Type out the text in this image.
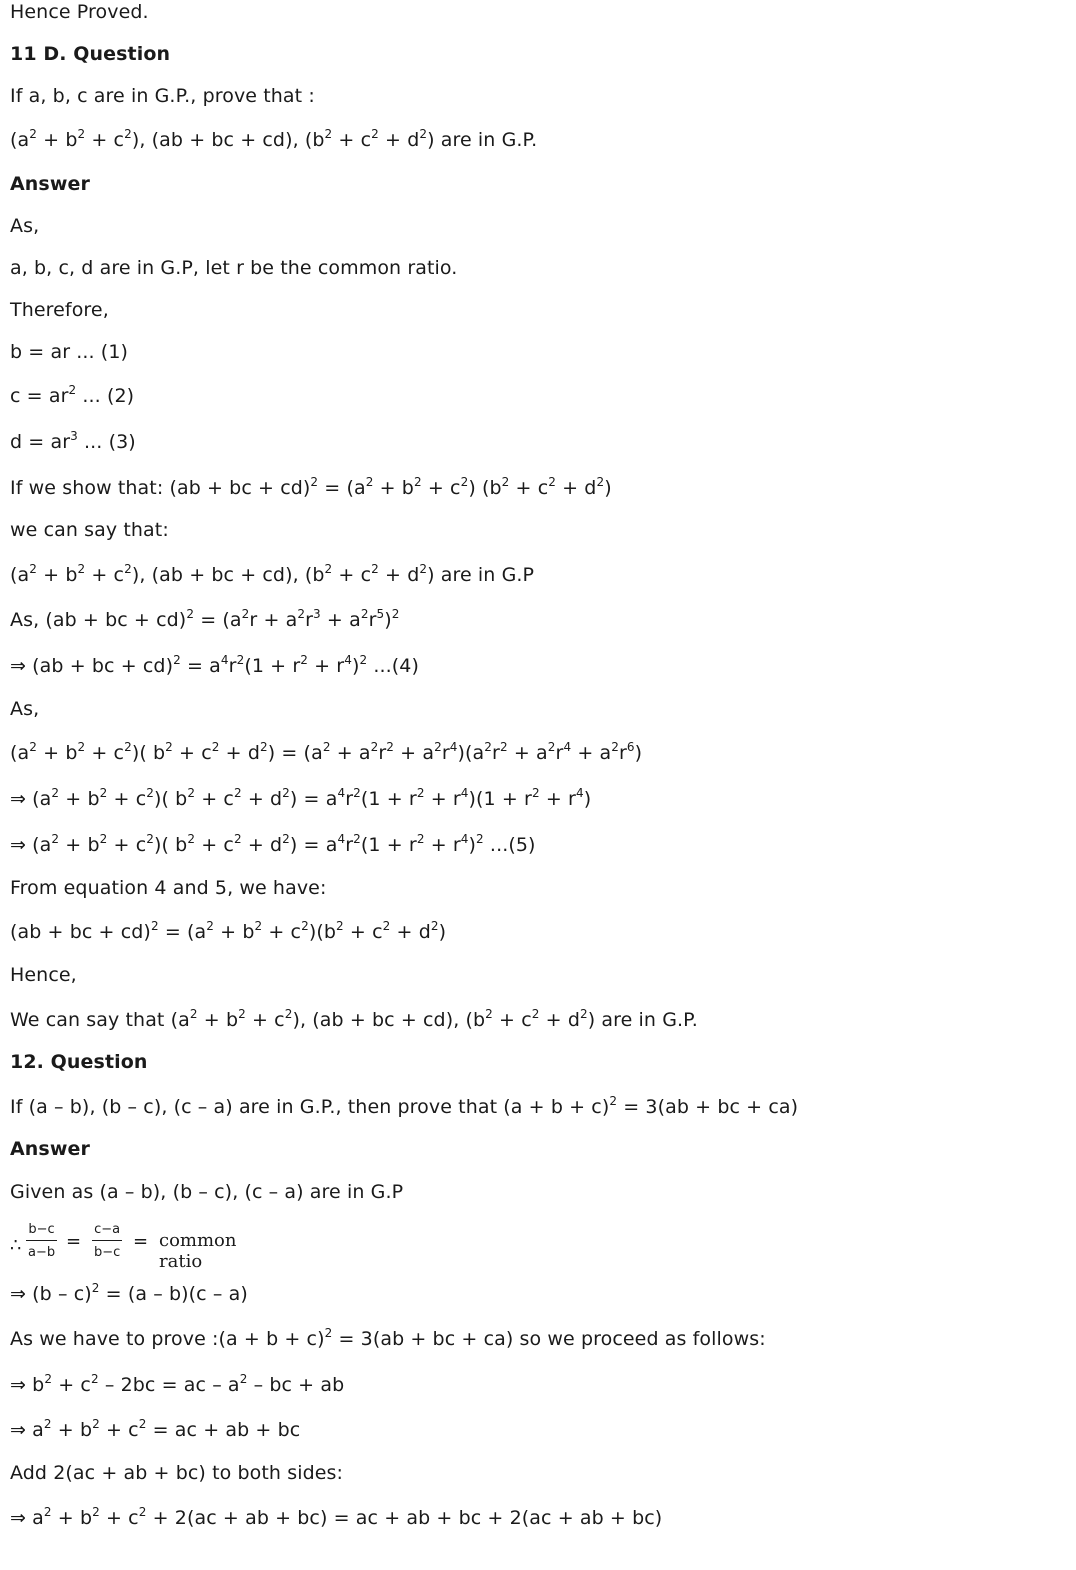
Hence Proved.
11 D. Question
If a, b, c are in G.P., prove that :
$(a^2 + b^2 + c^2)$, (ab + bc + cd), $(b^2 + c^2 + d^2)$ are in G.P.
Answer
As,
a, b, c, d are in G.P, let r be the common ratio.
Therefore,
b = ar ... (1)
$c = ar^2$ ... (2)
$d = ar^3$ ... (3)
If we show that: (ab + bc + $cd)^2 = (a^2 + b^2 + c^2) (b^2 + c^2 + d^2)$
we can say that:
$(a^2 + b^2 + c^2)$, (ab + bc + cd), $(b^2 + c^2 + d^2)$ are in G.P
As, (ab + bc + $cd)^2 = (a^2r + a^2r^3 + a^2r^5)^2$
⇒ (ab + bc + $cd)^2 = a^4r^2(1 + r^2 + r^4)^2$ ...(4)
As,
$(a^2 + b^2 + c^2)$( $b^2 + c^2 + d^2) = (a^2 + a^2r^2 + a^2r^4)(a^2r^2 + a^2r^4 + a^2r^6)$
⇒ $(a^2 + b^2 + c^2)$( $b^2 + c^2 + d^2) = a^4r^2(1 + r^2 + r^4)(1 + r^2 + r^4)$
⇒ $(a^2 + b^2 + c^2)$( $b^2 + c^2 + d^2) = a^4r^2(1 + r^2 + r^4)^2$ ...(5)
From equation 4 and 5, we have:
(ab + bc + $cd)^2 = (a^2 + b^2 + c^2)(b^2 + c^2 + d^2)$
Hence,
We can say that $(a^2 + b^2 + c^2)$, (ab + bc + cd), $(b^2 + c^2 + d^2)$ are in G.P.
12. Question
If (a – b), (b – c), (c – a) are in G.P., then prove that $(a + b + c)^2 = 3(ab$ + bc + ca)
Answer
Given as (a – b), (b – c), (c – a) are in G.P
∴ $\frac{b-c}{a-b} = \frac{c-a}{b-c}$ = common ratio
⇒ (b – c)$^2$ = (a – b)(c – a)
As we have to prove :(a + b + c)$^2$ = 3(ab + bc + ca) so we proceed as follows:
⇒ $b^2 + c^2 - 2bc$ = ac – $a^2$ – bc + ab
⇒ $a^2 + b^2 + c^2$ = ac + ab + bc
Add 2(ac + ab + bc) to both sides:
⇒ $a^2 + b^2 + c^2 + 2(ac$ + ab + bc) = ac + ab + bc + 2(ac + ab + bc)
